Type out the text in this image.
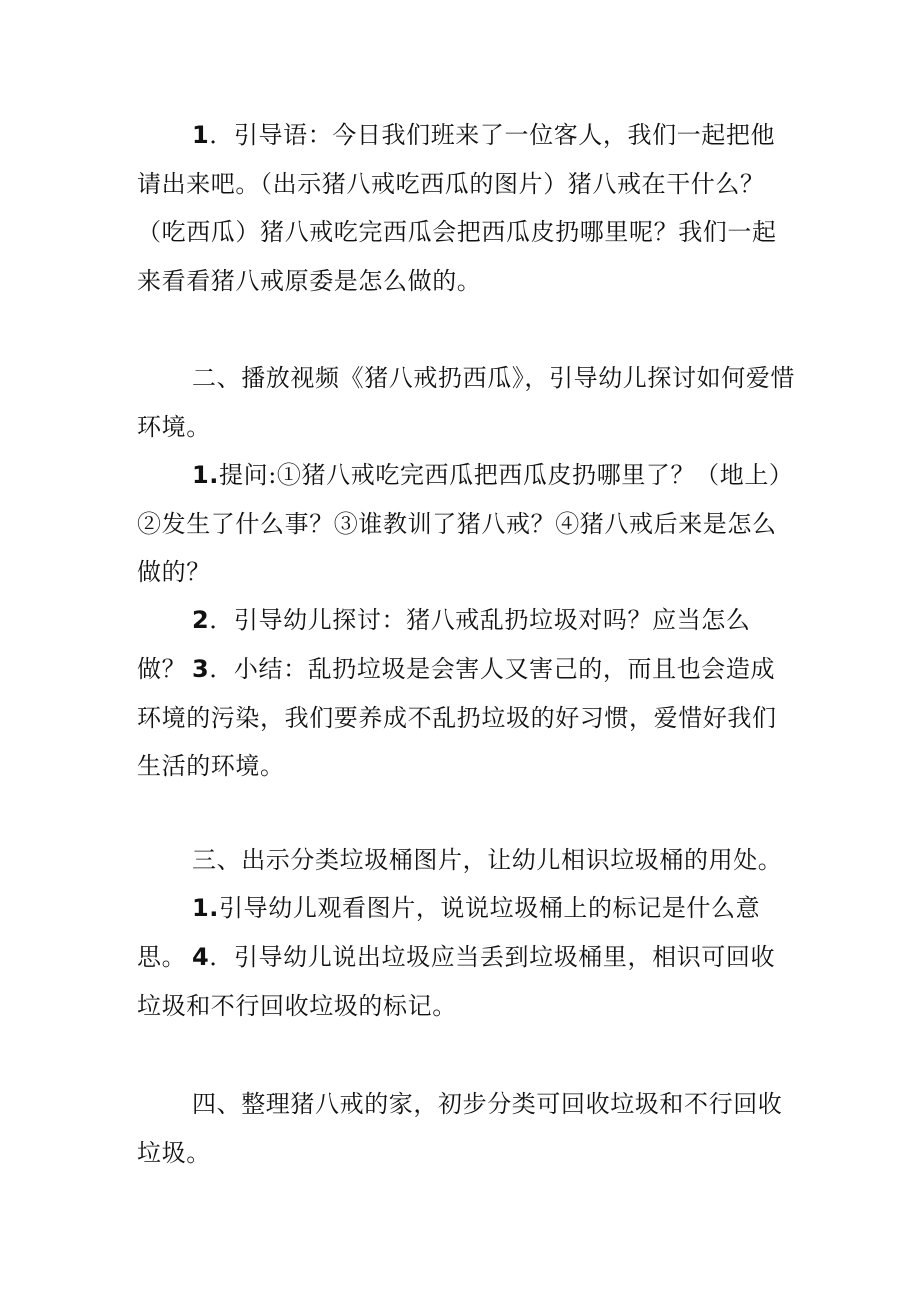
1．引导语：今日我们班来了一位客人，我们一起把他请出来吧。（出示猪八戒吃西瓜的图片）猪八戒在干什么？（吃西瓜）猪八戒吃完西瓜会把西瓜皮扔哪里呢？我们一起来看看猪八戒原委是怎么做的。

二、播放视频《猪八戒扔西瓜》，引导幼儿探讨如何爱惜环境。

1.提问:①猪八戒吃完西瓜把西瓜皮扔哪里了？（地上）②发生了什么事？③谁教训了猪八戒？④猪八戒后来是怎么做的？

2．引导幼儿探讨：猪八戒乱扔垃圾对吗？应当怎么做？ 3．小结：乱扔垃圾是会害人又害己的，而且也会造成环境的污染，我们要养成不乱扔垃圾的好习惯，爱惜好我们生活的环境。

三、出示分类垃圾桶图片，让幼儿相识垃圾桶的用处。

1.引导幼儿观看图片，说说垃圾桶上的标记是什么意思。 4．引导幼儿说出垃圾应当丢到垃圾桶里，相识可回收垃圾和不行回收垃圾的标记。

四、整理猪八戒的家，初步分类可回收垃圾和不行回收垃圾。
